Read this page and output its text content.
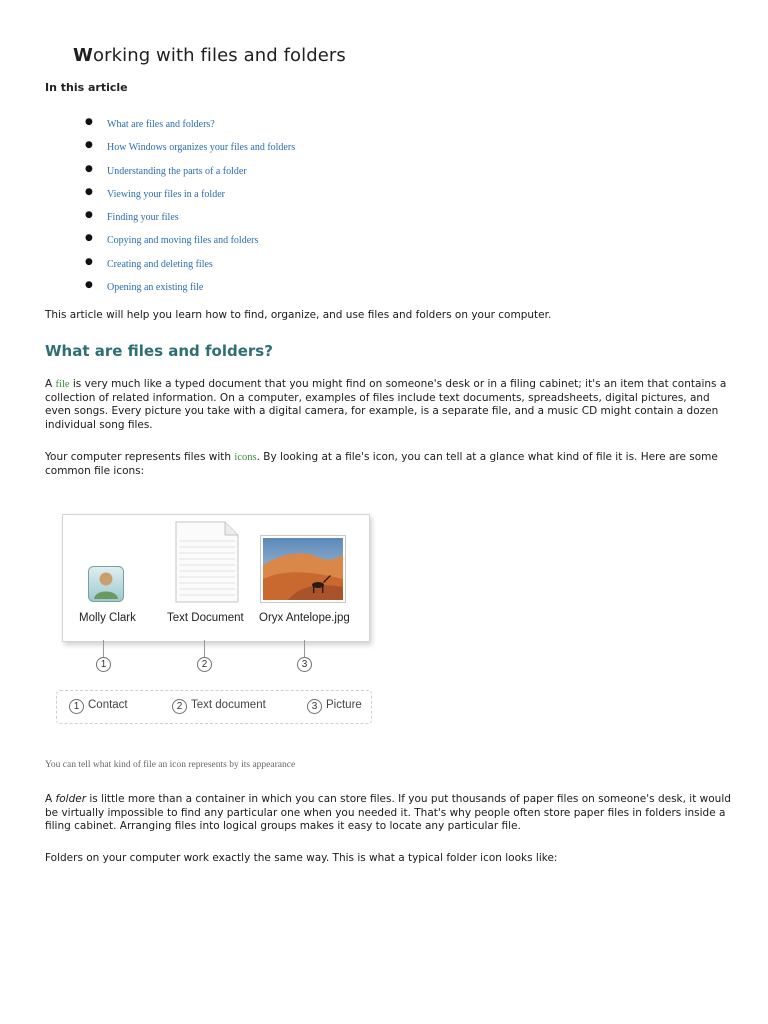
Working with files and folders
In this article
● What are files and folders?
● How Windows organizes your files and folders
● Understanding the parts of a folder
● Viewing your files in a folder
● Finding your files
● Copying and moving files and folders
● Creating and deleting files
● Opening an existing file

This article will help you learn how to find, organize, and use files and folders on your computer.

What are files and folders?

A file is very much like a typed document that you might find on someone's desk or in a filing cabinet; it's an item that contains a collection of related information. On a computer, examples of files include text documents, spreadsheets, digital pictures, and even songs. Every picture you take with a digital camera, for example, is a separate file, and a music CD might contain a dozen individual song files.

Your computer represents files with icons. By looking at a file's icon, you can tell at a glance what kind of file it is. Here are some common file icons:

Molly Clark	Text Document Oryx Antelope.jpg
1	2	3
1 Contact	2 Text document	3 Picture

You can tell what kind of file an icon represents by its appearance

A folder is little more than a container in which you can store files. If you put thousands of paper files on someone's desk, it would be virtually impossible to find any particular one when you needed it. That's why people often store paper files in folders inside a filing cabinet. Arranging files into logical groups makes it easy to locate any particular file.

Folders on your computer work exactly the same way. This is what a typical folder icon looks like:
